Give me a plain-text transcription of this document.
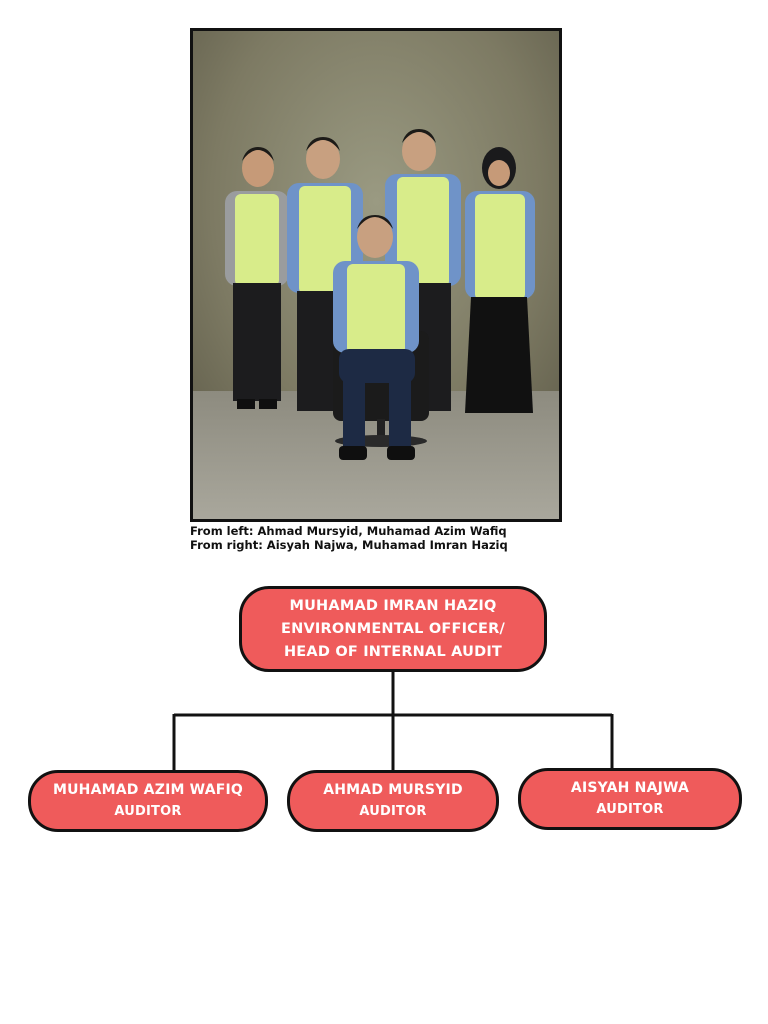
From left: Ahmad Mursyid, Muhamad Azim Wafiq
From right: Aisyah Najwa, Muhamad Imran Haziq
MUHAMAD IMRAN HAZIQ
ENVIRONMENTAL OFFICER/
HEAD OF INTERNAL AUDIT
MUHAMAD AZIM WAFIQ
AUDITOR
AHMAD MURSYID
AUDITOR
AISYAH NAJWA
AUDITOR
